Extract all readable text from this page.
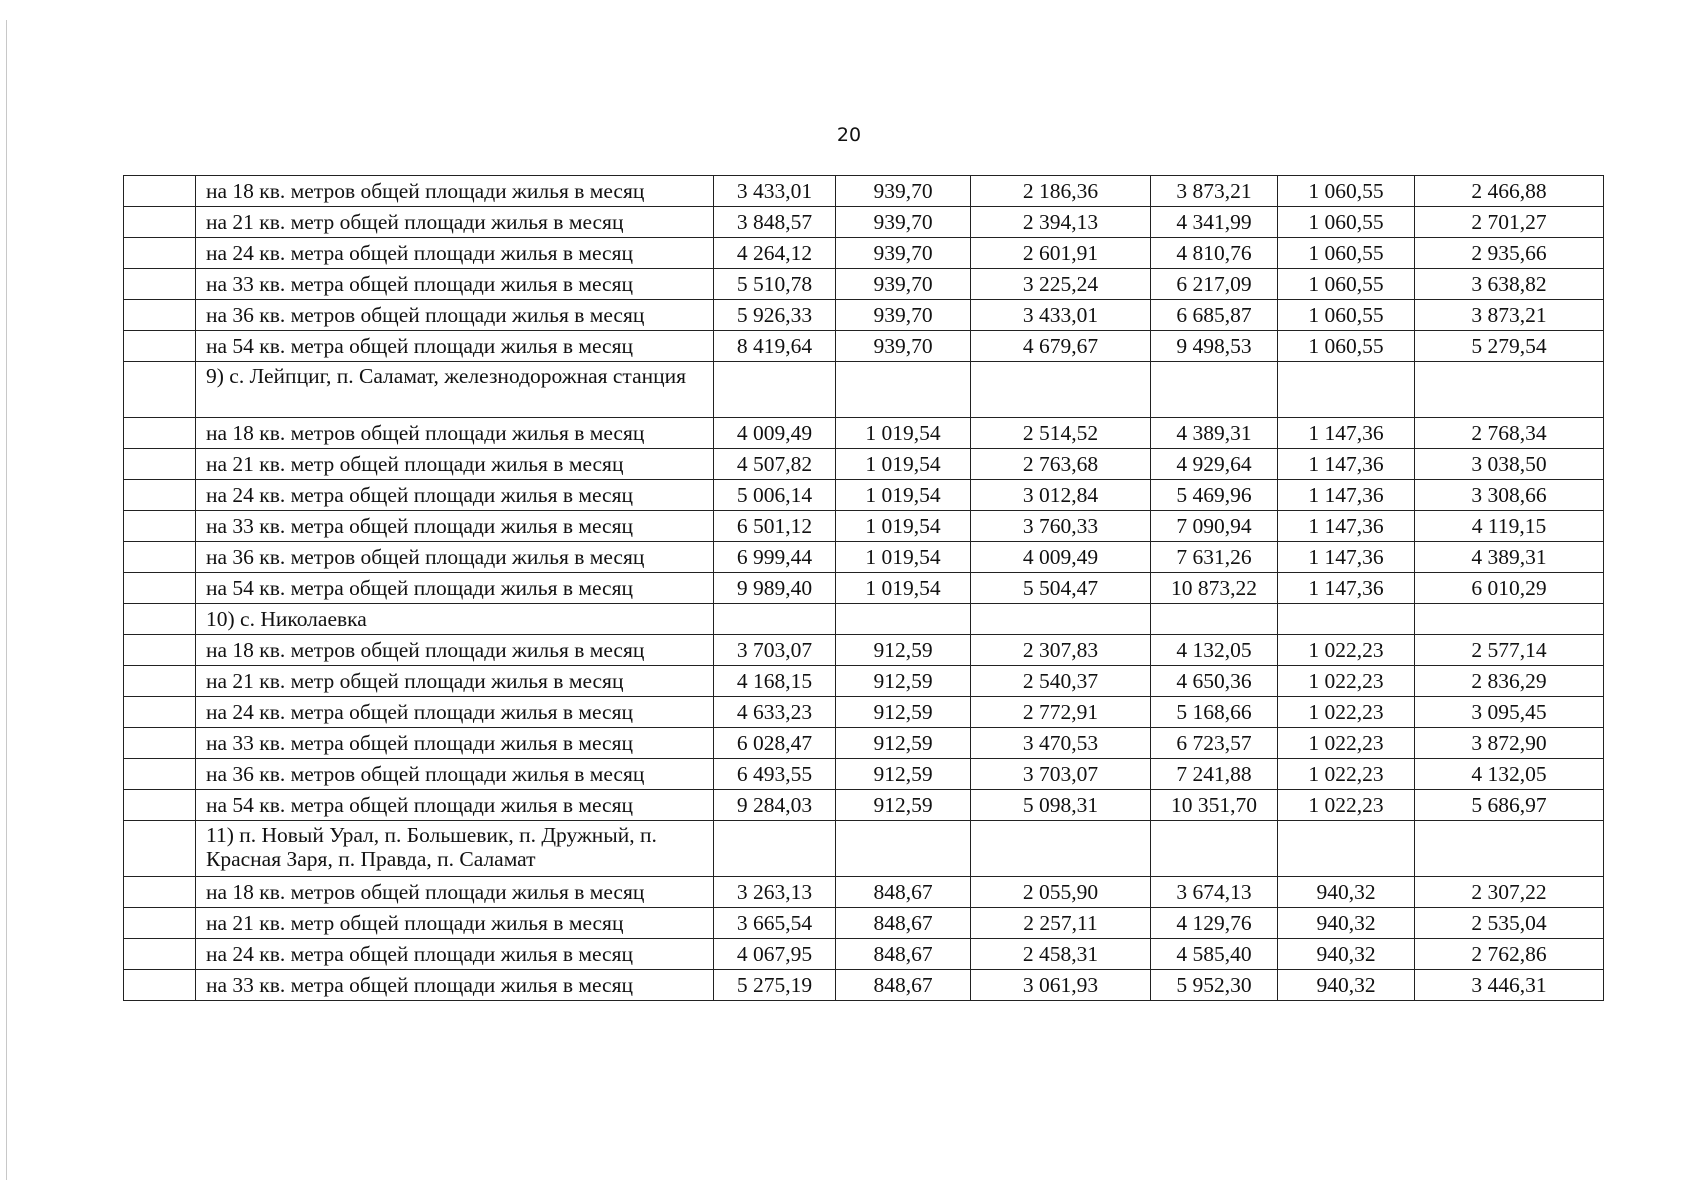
20
	на 18 кв. метров общей площади жилья в месяц	3 433,01	939,70	2 186,36	3 873,21	1 060,55	2 466,88
	на 21 кв. метр общей площади жилья в месяц	3 848,57	939,70	2 394,13	4 341,99	1 060,55	2 701,27
	на 24 кв. метра общей площади жилья в месяц	4 264,12	939,70	2 601,91	4 810,76	1 060,55	2 935,66
	на 33 кв. метра общей площади жилья в месяц	5 510,78	939,70	3 225,24	6 217,09	1 060,55	3 638,82
	на 36 кв. метров общей площади жилья в месяц	5 926,33	939,70	3 433,01	6 685,87	1 060,55	3 873,21
	на 54 кв. метра общей площади жилья в месяц	8 419,64	939,70	4 679,67	9 498,53	1 060,55	5 279,54
	9) с. Лейпциг, п. Саламат, железнодорожная станция						
	на 18 кв. метров общей площади жилья в месяц	4 009,49	1 019,54	2 514,52	4 389,31	1 147,36	2 768,34
	на 21 кв. метр общей площади жилья в месяц	4 507,82	1 019,54	2 763,68	4 929,64	1 147,36	3 038,50
	на 24 кв. метра общей площади жилья в месяц	5 006,14	1 019,54	3 012,84	5 469,96	1 147,36	3 308,66
	на 33 кв. метра общей площади жилья в месяц	6 501,12	1 019,54	3 760,33	7 090,94	1 147,36	4 119,15
	на 36 кв. метров общей площади жилья в месяц	6 999,44	1 019,54	4 009,49	7 631,26	1 147,36	4 389,31
	на 54 кв. метра общей площади жилья в месяц	9 989,40	1 019,54	5 504,47	10 873,22	1 147,36	6 010,29
	10) с. Николаевка						
	на 18 кв. метров общей площади жилья в месяц	3 703,07	912,59	2 307,83	4 132,05	1 022,23	2 577,14
	на 21 кв. метр общей площади жилья в месяц	4 168,15	912,59	2 540,37	4 650,36	1 022,23	2 836,29
	на 24 кв. метра общей площади жилья в месяц	4 633,23	912,59	2 772,91	5 168,66	1 022,23	3 095,45
	на 33 кв. метра общей площади жилья в месяц	6 028,47	912,59	3 470,53	6 723,57	1 022,23	3 872,90
	на 36 кв. метров общей площади жилья в месяц	6 493,55	912,59	3 703,07	7 241,88	1 022,23	4 132,05
	на 54 кв. метра общей площади жилья в месяц	9 284,03	912,59	5 098,31	10 351,70	1 022,23	5 686,97
	11) п. Новый Урал, п. Большевик, п. Дружный, п. Красная Заря, п. Правда, п. Саламат						
	на 18 кв. метров общей площади жилья в месяц	3 263,13	848,67	2 055,90	3 674,13	940,32	2 307,22
	на 21 кв. метр общей площади жилья в месяц	3 665,54	848,67	2 257,11	4 129,76	940,32	2 535,04
	на 24 кв. метра общей площади жилья в месяц	4 067,95	848,67	2 458,31	4 585,40	940,32	2 762,86
	на 33 кв. метра общей площади жилья в месяц	5 275,19	848,67	3 061,93	5 952,30	940,32	3 446,31
